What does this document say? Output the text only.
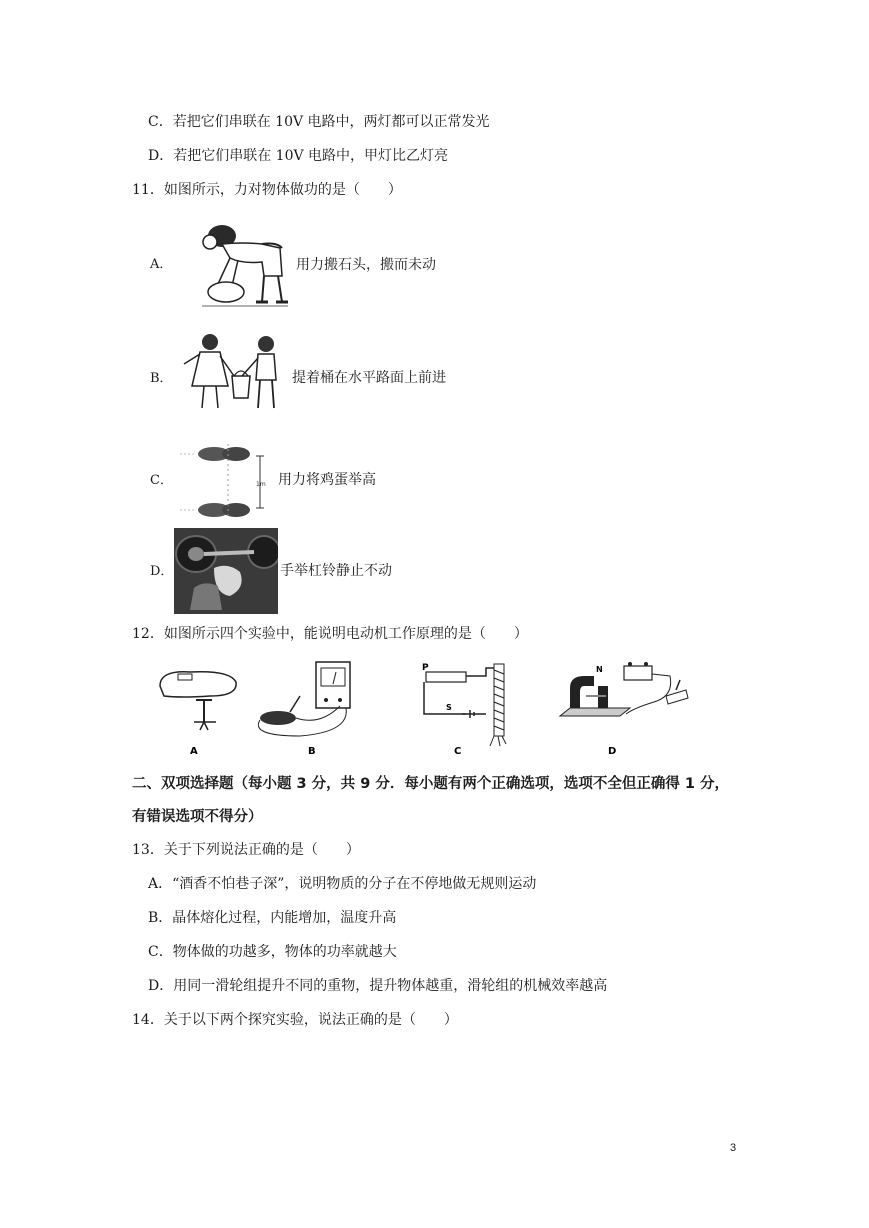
C．若把它们串联在 10V 电路中，两灯都可以正常发光
D．若把它们串联在 10V 电路中，甲灯比乙灯亮
11．如图所示，力对物体做功的是（　　）
A．	用力搬石头，搬而未动
B．	提着桶在水平路面上前进
C．	1m 用力将鸡蛋举高
D．	手举杠铃静止不动
12．如图所示四个实验中，能说明电动机工作原理的是（　　）
A	B
P
S
C
N
D
二、双项选择题（每小题 3 分，共 9 分．每小题有两个正确选项，选项不全但正确得 1 分，
有错误选项不得分）
13．关于下列说法正确的是（　　）
A．“酒香不怕巷子深”，说明物质的分子在不停地做无规则运动
B．晶体熔化过程，内能增加，温度升高
C．物体做的功越多，物体的功率就越大
D．用同一滑轮组提升不同的重物，提升物体越重，滑轮组的机械效率越高
14．关于以下两个探究实验，说法正确的是（　　）
3
